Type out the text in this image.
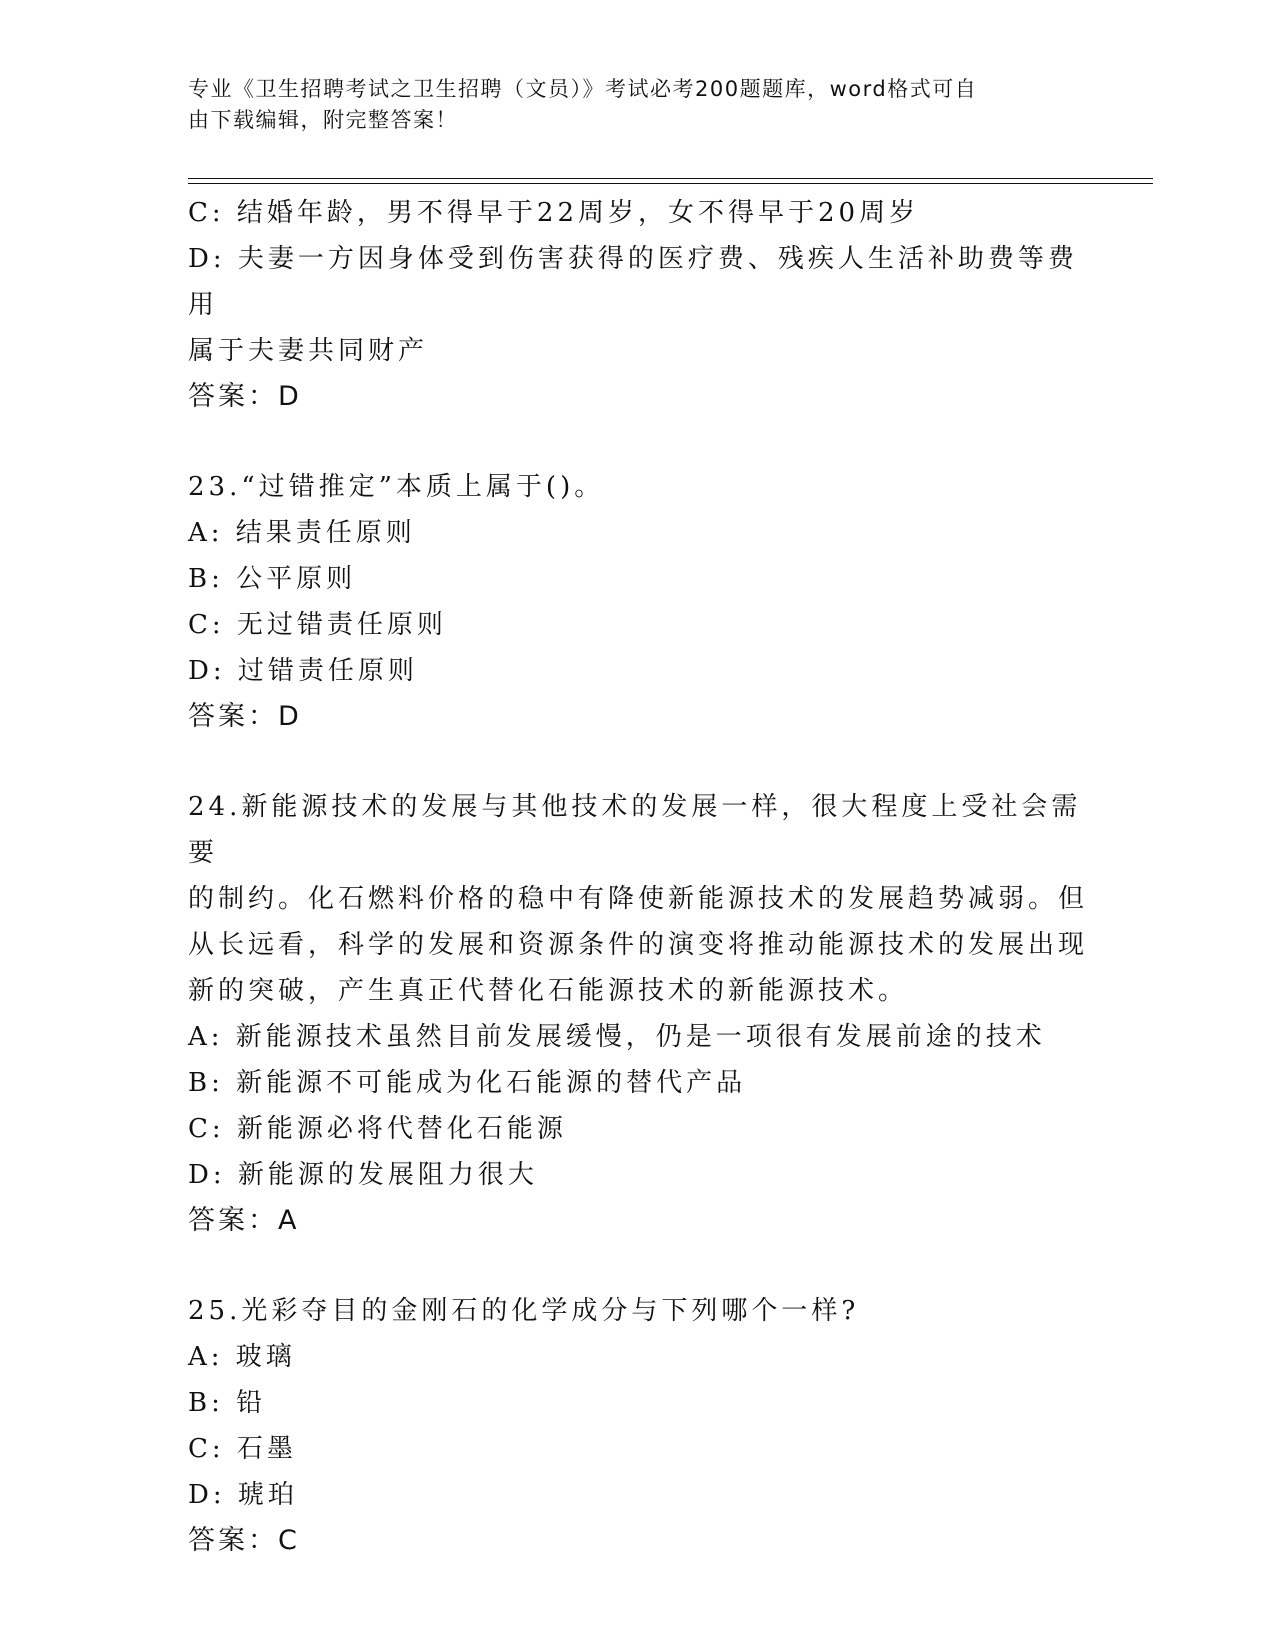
专业《卫生招聘考试之卫生招聘（文员）》考试必考200题题库，word格式可自
由下载编辑，附完整答案！
C: 结婚年龄，男不得早于22周岁，女不得早于20周岁
D: 夫妻一方因身体受到伤害获得的医疗费、残疾人生活补助费等费用
属于夫妻共同财产
答案：D
23.“过错推定”本质上属于()。
A: 结果责任原则
B: 公平原则
C: 无过错责任原则
D: 过错责任原则
答案：D
24.新能源技术的发展与其他技术的发展一样，很大程度上受社会需要
的制约。化石燃料价格的稳中有降使新能源技术的发展趋势减弱。但
从长远看，科学的发展和资源条件的演变将推动能源技术的发展出现
新的突破，产生真正代替化石能源技术的新能源技术。
A: 新能源技术虽然目前发展缓慢，仍是一项很有发展前途的技术
B: 新能源不可能成为化石能源的替代产品
C: 新能源必将代替化石能源
D: 新能源的发展阻力很大
答案：A
25.光彩夺目的金刚石的化学成分与下列哪个一样?
A: 玻璃
B: 铅
C: 石墨
D: 琥珀
答案：C
